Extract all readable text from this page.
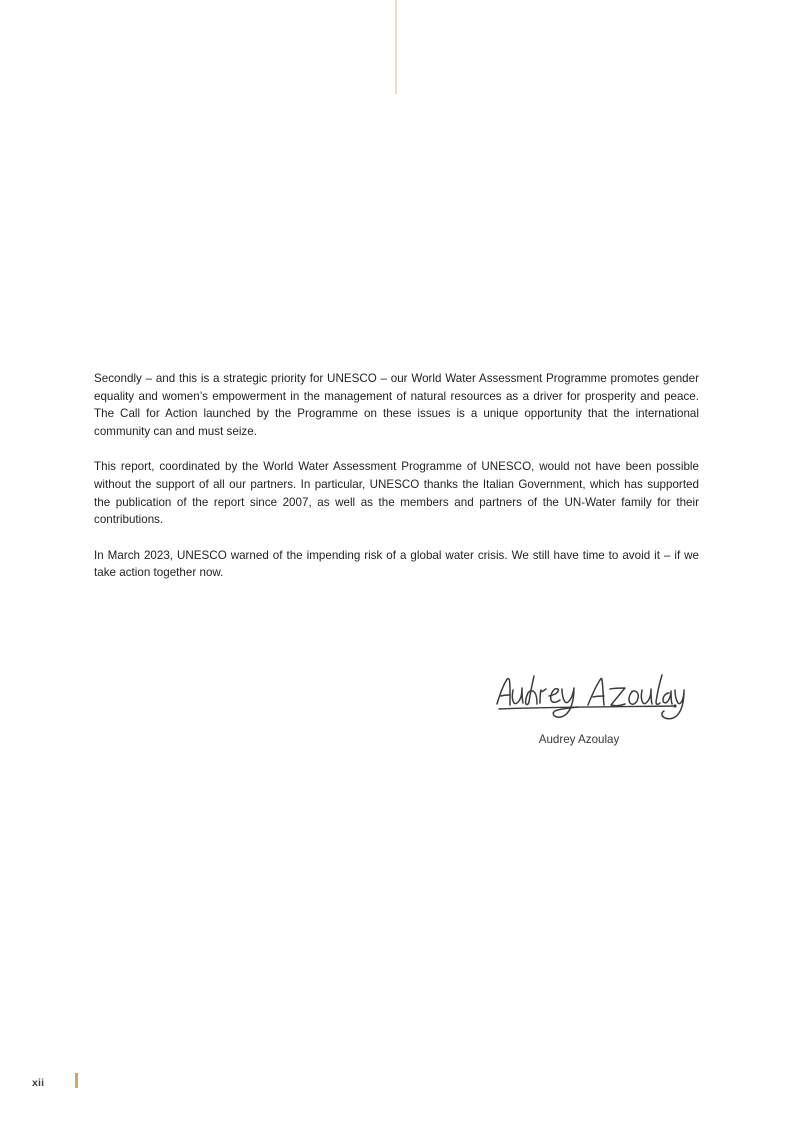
Secondly – and this is a strategic priority for UNESCO – our World Water Assessment Programme promotes gender equality and women’s empowerment in the management of natural resources as a driver for prosperity and peace. The Call for Action launched by the Programme on these issues is a unique opportunity that the international community can and must seize.

This report, coordinated by the World Water Assessment Programme of UNESCO, would not have been possible without the support of all our partners. In particular, UNESCO thanks the Italian Government, which has supported the publication of the report since 2007, as well as the members and partners of the UN-Water family for their contributions.

In March 2023, UNESCO warned of the impending risk of a global water crisis. We still have time to avoid it – if we take action together now.

Audrey Azoulay
xii
